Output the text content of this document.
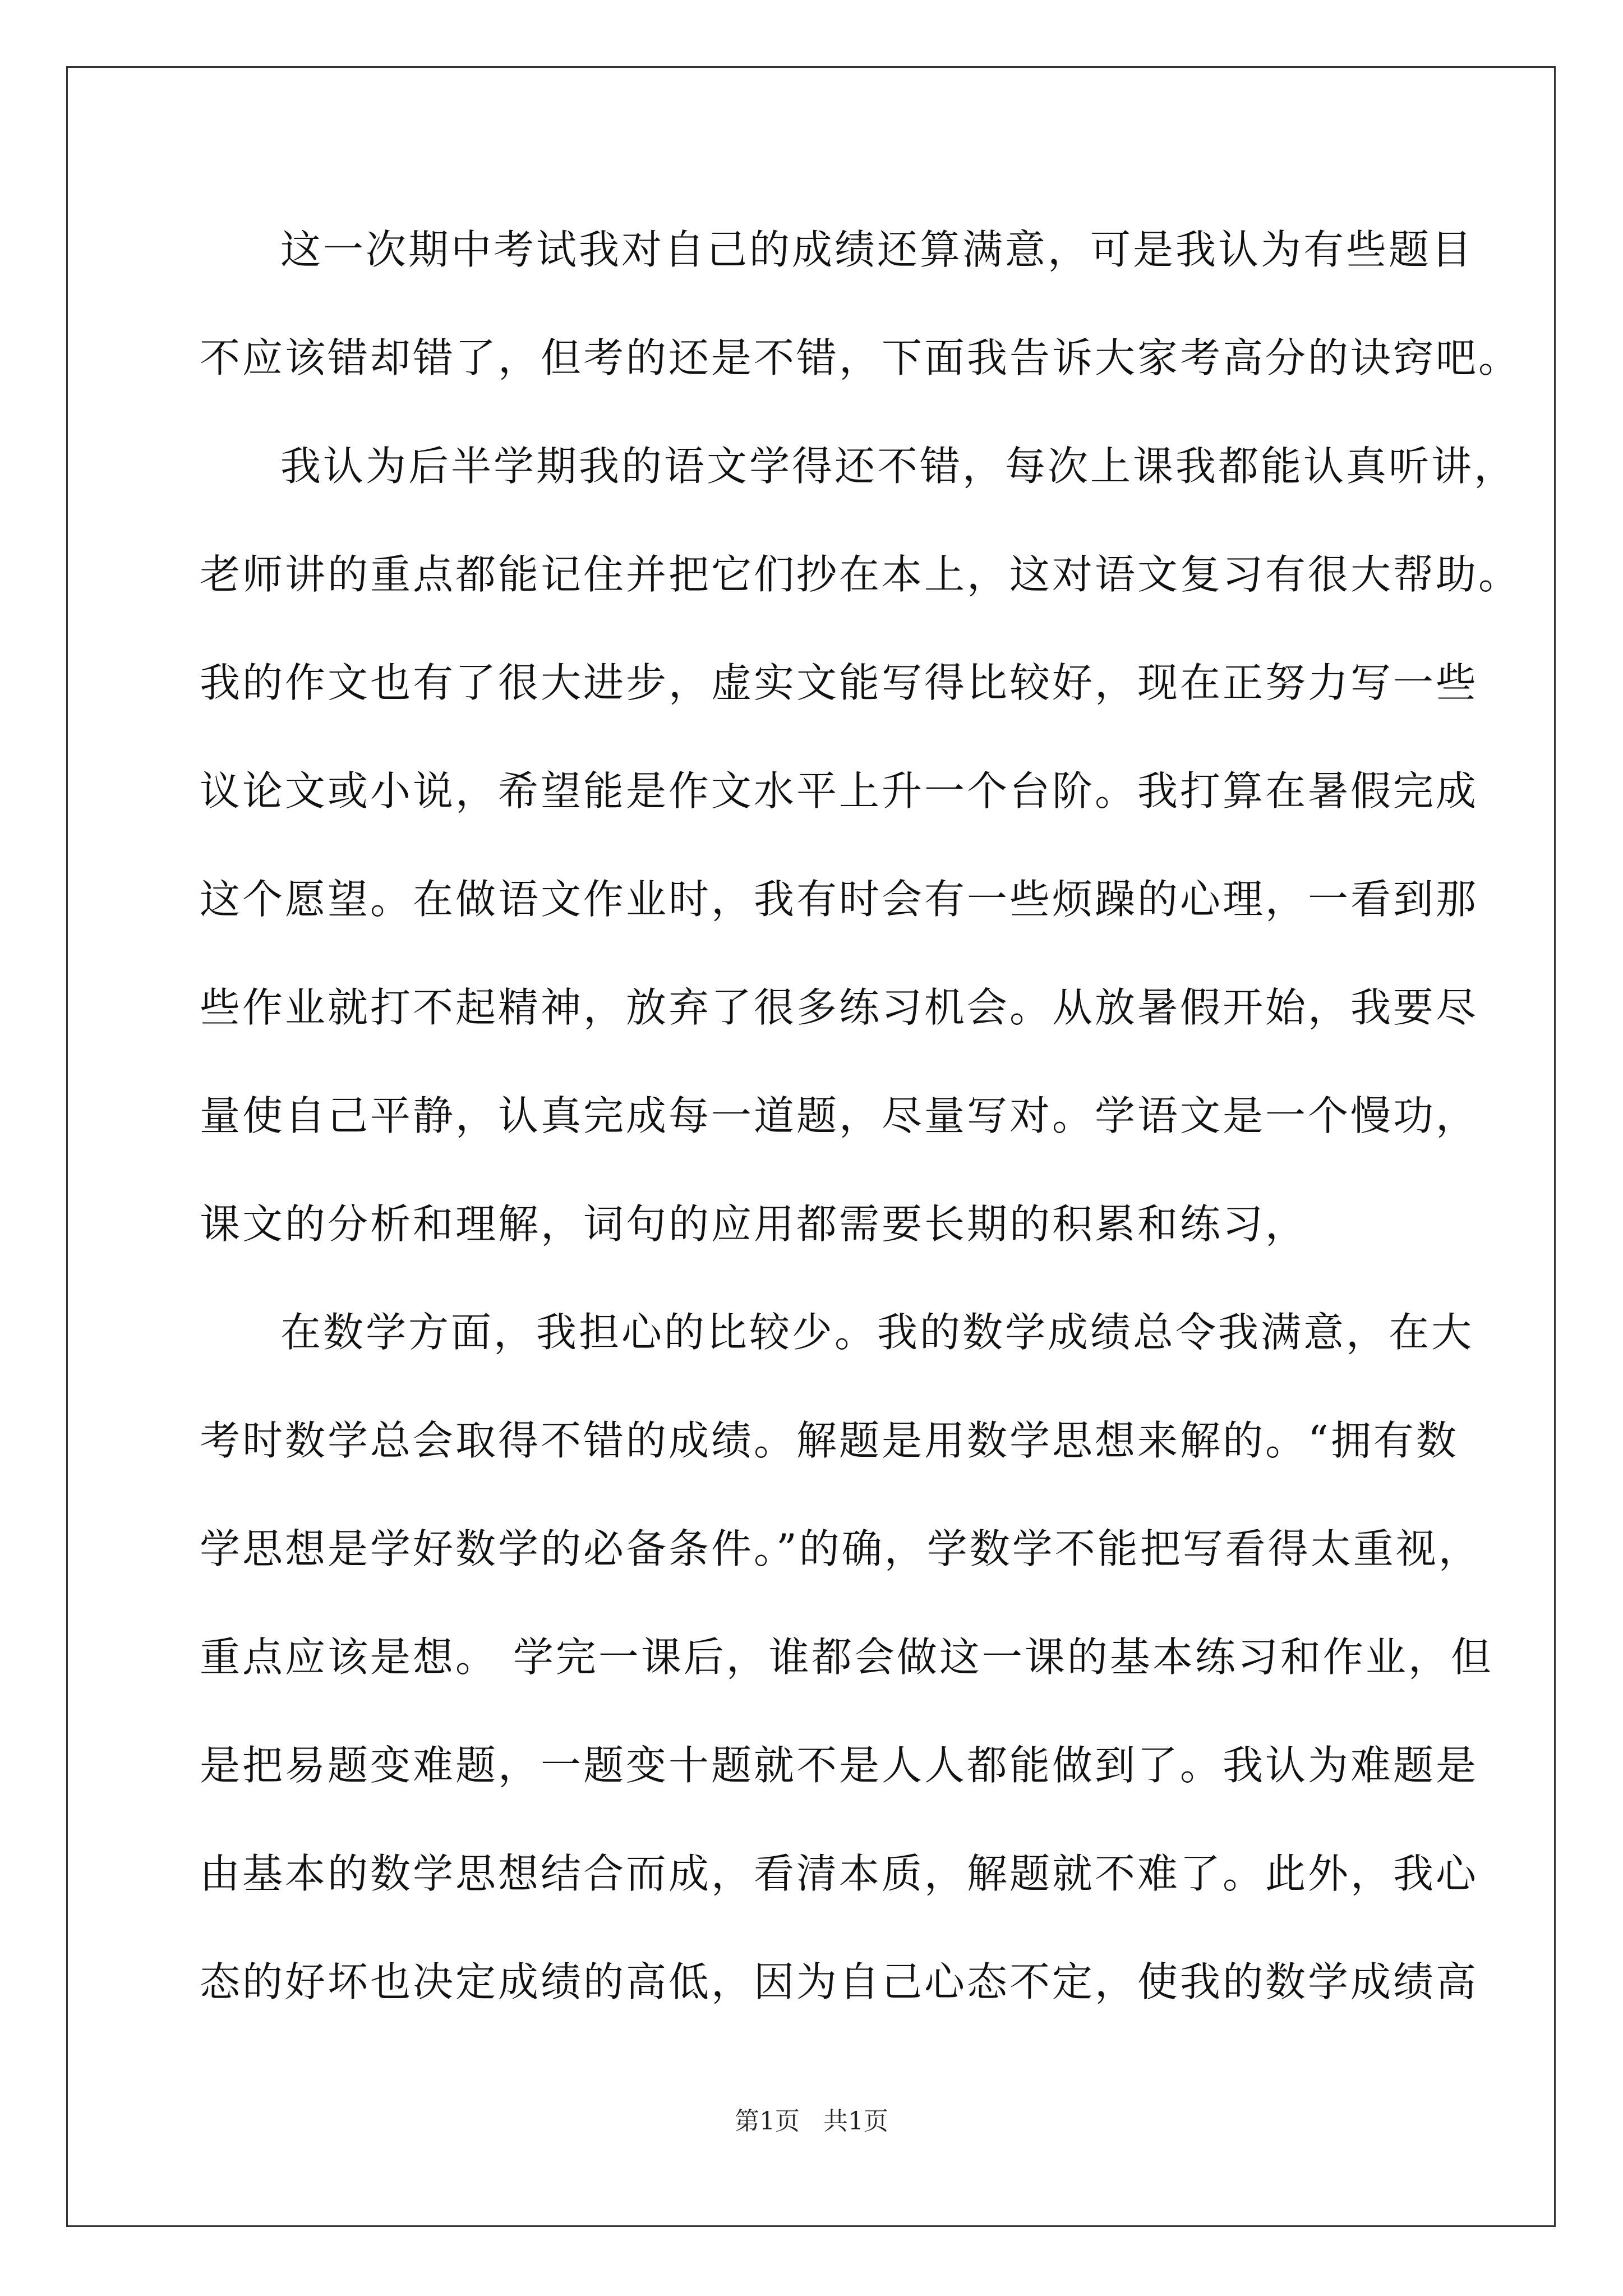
这一次期中考试我对自己的成绩还算满意，可是我认为有些题目
不应该错却错了，但考的还是不错，下面我告诉大家考高分的诀窍吧。
我认为后半学期我的语文学得还不错，每次上课我都能认真听讲，
老师讲的重点都能记住并把它们抄在本上，这对语文复习有很大帮助。
我的作文也有了很大进步，虚实文能写得比较好，现在正努力写一些
议论文或小说，希望能是作文水平上升一个台阶。我打算在暑假完成
这个愿望。在做语文作业时，我有时会有一些烦躁的心理，一看到那
些作业就打不起精神，放弃了很多练习机会。从放暑假开始，我要尽
量使自己平静，认真完成每一道题，尽量写对。学语文是一个慢功，
课文的分析和理解，词句的应用都需要长期的积累和练习，
在数学方面，我担心的比较少。我的数学成绩总令我满意，在大
考时数学总会取得不错的成绩。解题是用数学思想来解的。“拥有数
学思想是学好数学的必备条件。”的确，学数学不能把写看得太重视，
重点应该是想。 学完一课后，谁都会做这一课的基本练习和作业，但
是把易题变难题，一题变十题就不是人人都能做到了。我认为难题是
由基本的数学思想结合而成，看清本质，解题就不难了。此外，我心
态的好坏也决定成绩的高低，因为自己心态不定，使我的数学成绩高
第1页 共1页
